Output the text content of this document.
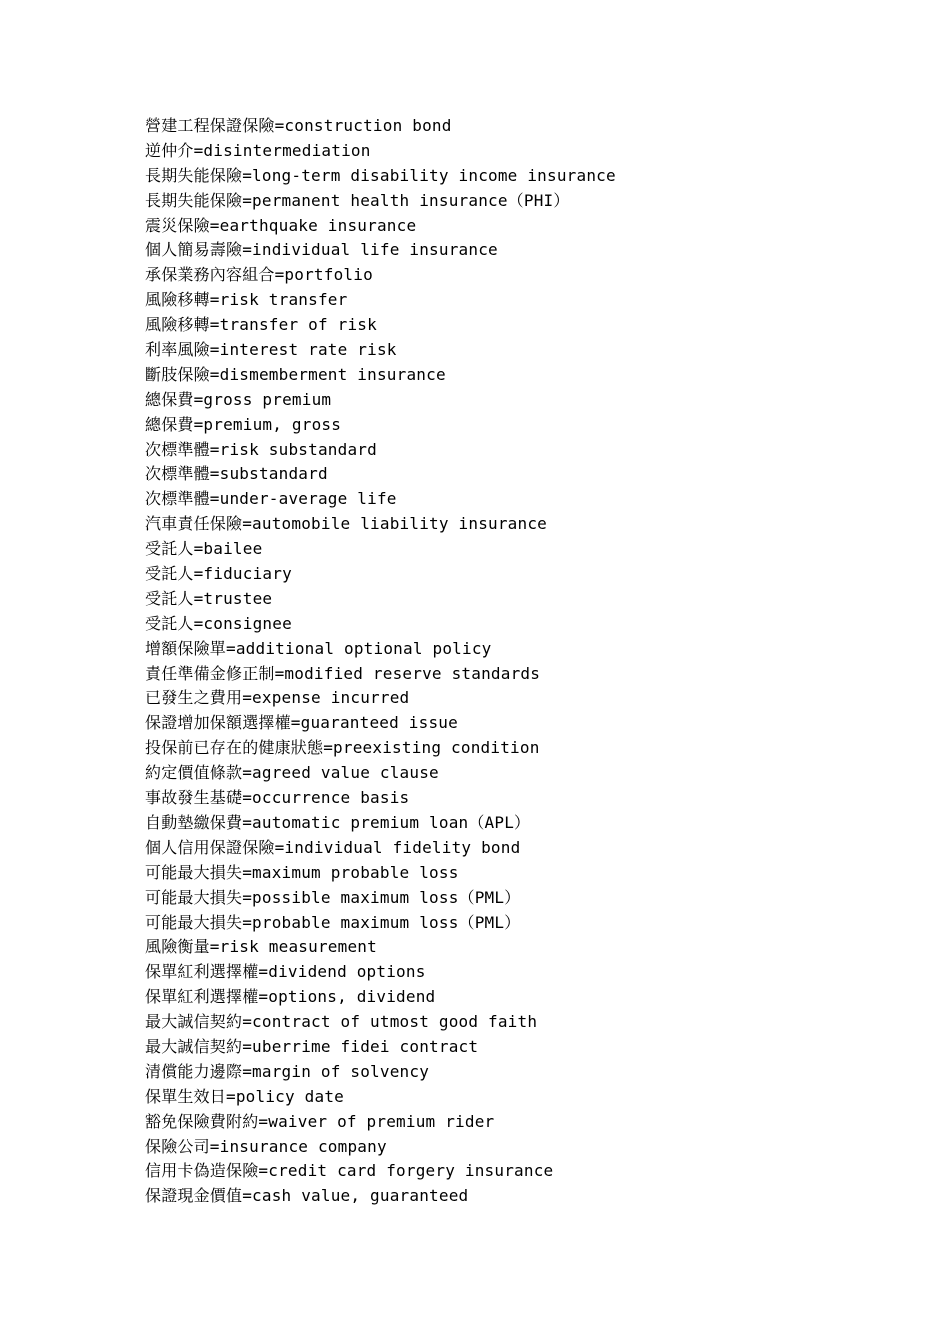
營建工程保證保險=construction bond
逆仲介=disintermediation
長期失能保險=long-term disability income insurance
長期失能保險=permanent health insurance（PHI）
震災保險=earthquake insurance
個人簡易壽險=individual life insurance
承保業務內容組合=portfolio
風險移轉=risk transfer
風險移轉=transfer of risk
利率風險=interest rate risk
斷肢保險=dismemberment insurance
總保費=gross premium
總保費=premium, gross
次標準體=risk substandard
次標準體=substandard
次標準體=under-average life
汽車責任保險=automobile liability insurance
受託人=bailee
受託人=fiduciary
受託人=trustee
受託人=consignee
增額保險單=additional optional policy
責任準備金修正制=modified reserve standards
已發生之費用=expense incurred
保證增加保額選擇權=guaranteed issue
投保前已存在的健康狀態=preexisting condition
約定價值條款=agreed value clause
事故發生基礎=occurrence basis
自動墊繳保費=automatic premium loan（APL）
個人信用保證保險=individual fidelity bond
可能最大損失=maximum probable loss
可能最大損失=possible maximum loss（PML）
可能最大損失=probable maximum loss（PML）
風險衡量=risk measurement
保單紅利選擇權=dividend options
保單紅利選擇權=options, dividend
最大誠信契約=contract of utmost good faith
最大誠信契約=uberrime fidei contract
清償能力邊際=margin of solvency
保單生效日=policy date
豁免保險費附約=waiver of premium rider
保險公司=insurance company
信用卡偽造保險=credit card forgery insurance
保證現金價值=cash value, guaranteed
